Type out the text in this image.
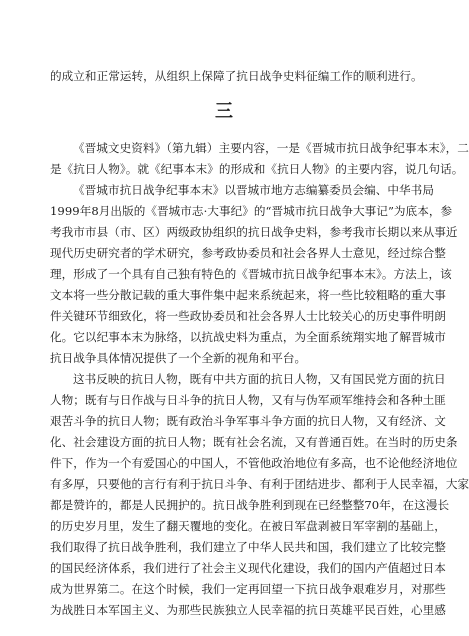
的成立和正常运转，从组织上保障了抗日战争史料征编工作的顺利进行。
三
《晋城文史资料》（第九辑）主要内容，一是《晋城市抗日战争纪事本末》，二
是《抗日人物》。就《纪事本末》的形成和《抗日人物》的主要内容，说几句话。
《晋城市抗日战争纪事本末》以晋城市地方志编纂委员会编、中华书局
1999年8月出版的《晋城市志·大事纪》的“晋城市抗日战争大事记”为底本，参
考我市市县（市、区）两级政协组织的抗日战争史料，参考我市长期以来从事近
现代历史研究者的学术研究，参考政协委员和社会各界人士意见，经过综合整
理，形成了一个具有自己独有特色的《晋城市抗日战争纪事本末》。方法上，该
文本将一些分散记载的重大事件集中起来系统起来，将一些比较粗略的重大事
件关键环节细致化，将一些政协委员和社会各界人士比较关心的历史事件明朗
化。它以纪事本末为脉络，以抗战史料为重点，为全面系统翔实地了解晋城市
抗日战争具体情况提供了一个全新的视角和平台。
这书反映的抗日人物，既有中共方面的抗日人物，又有国民党方面的抗日
人物；既有与日作战与日斗争的抗日人物，又有与伪军顽军维持会和各种土匪
艰苦斗争的抗日人物；既有政治斗争军事斗争方面的抗日人物，又有经济、文
化、社会建设方面的抗日人物；既有社会名流，又有普通百姓。在当时的历史条
件下，作为一个有爱国心的中国人，不管他政治地位有多高，也不论他经济地位
有多厚，只要他的言行有利于抗日斗争、有利于团结进步、都利于人民幸福，大家
都是赞许的，都是人民拥护的。抗日战争胜利到现在已经整整70年，在这漫长
的历史岁月里，发生了翻天覆地的变化。在被日军盘剥被日军宰割的基础上，
我们取得了抗日战争胜利，我们建立了中华人民共和国，我们建立了比较完整
的国民经济体系，我们进行了社会主义现代化建设，我们的国内产值超过日本
成为世界第二。在这个时候，我们一定再回望一下抗日战争艰难岁月，对那些
为战胜日本军国主义、为那些民族独立人民幸福的抗日英雄平民百姓，心里感
